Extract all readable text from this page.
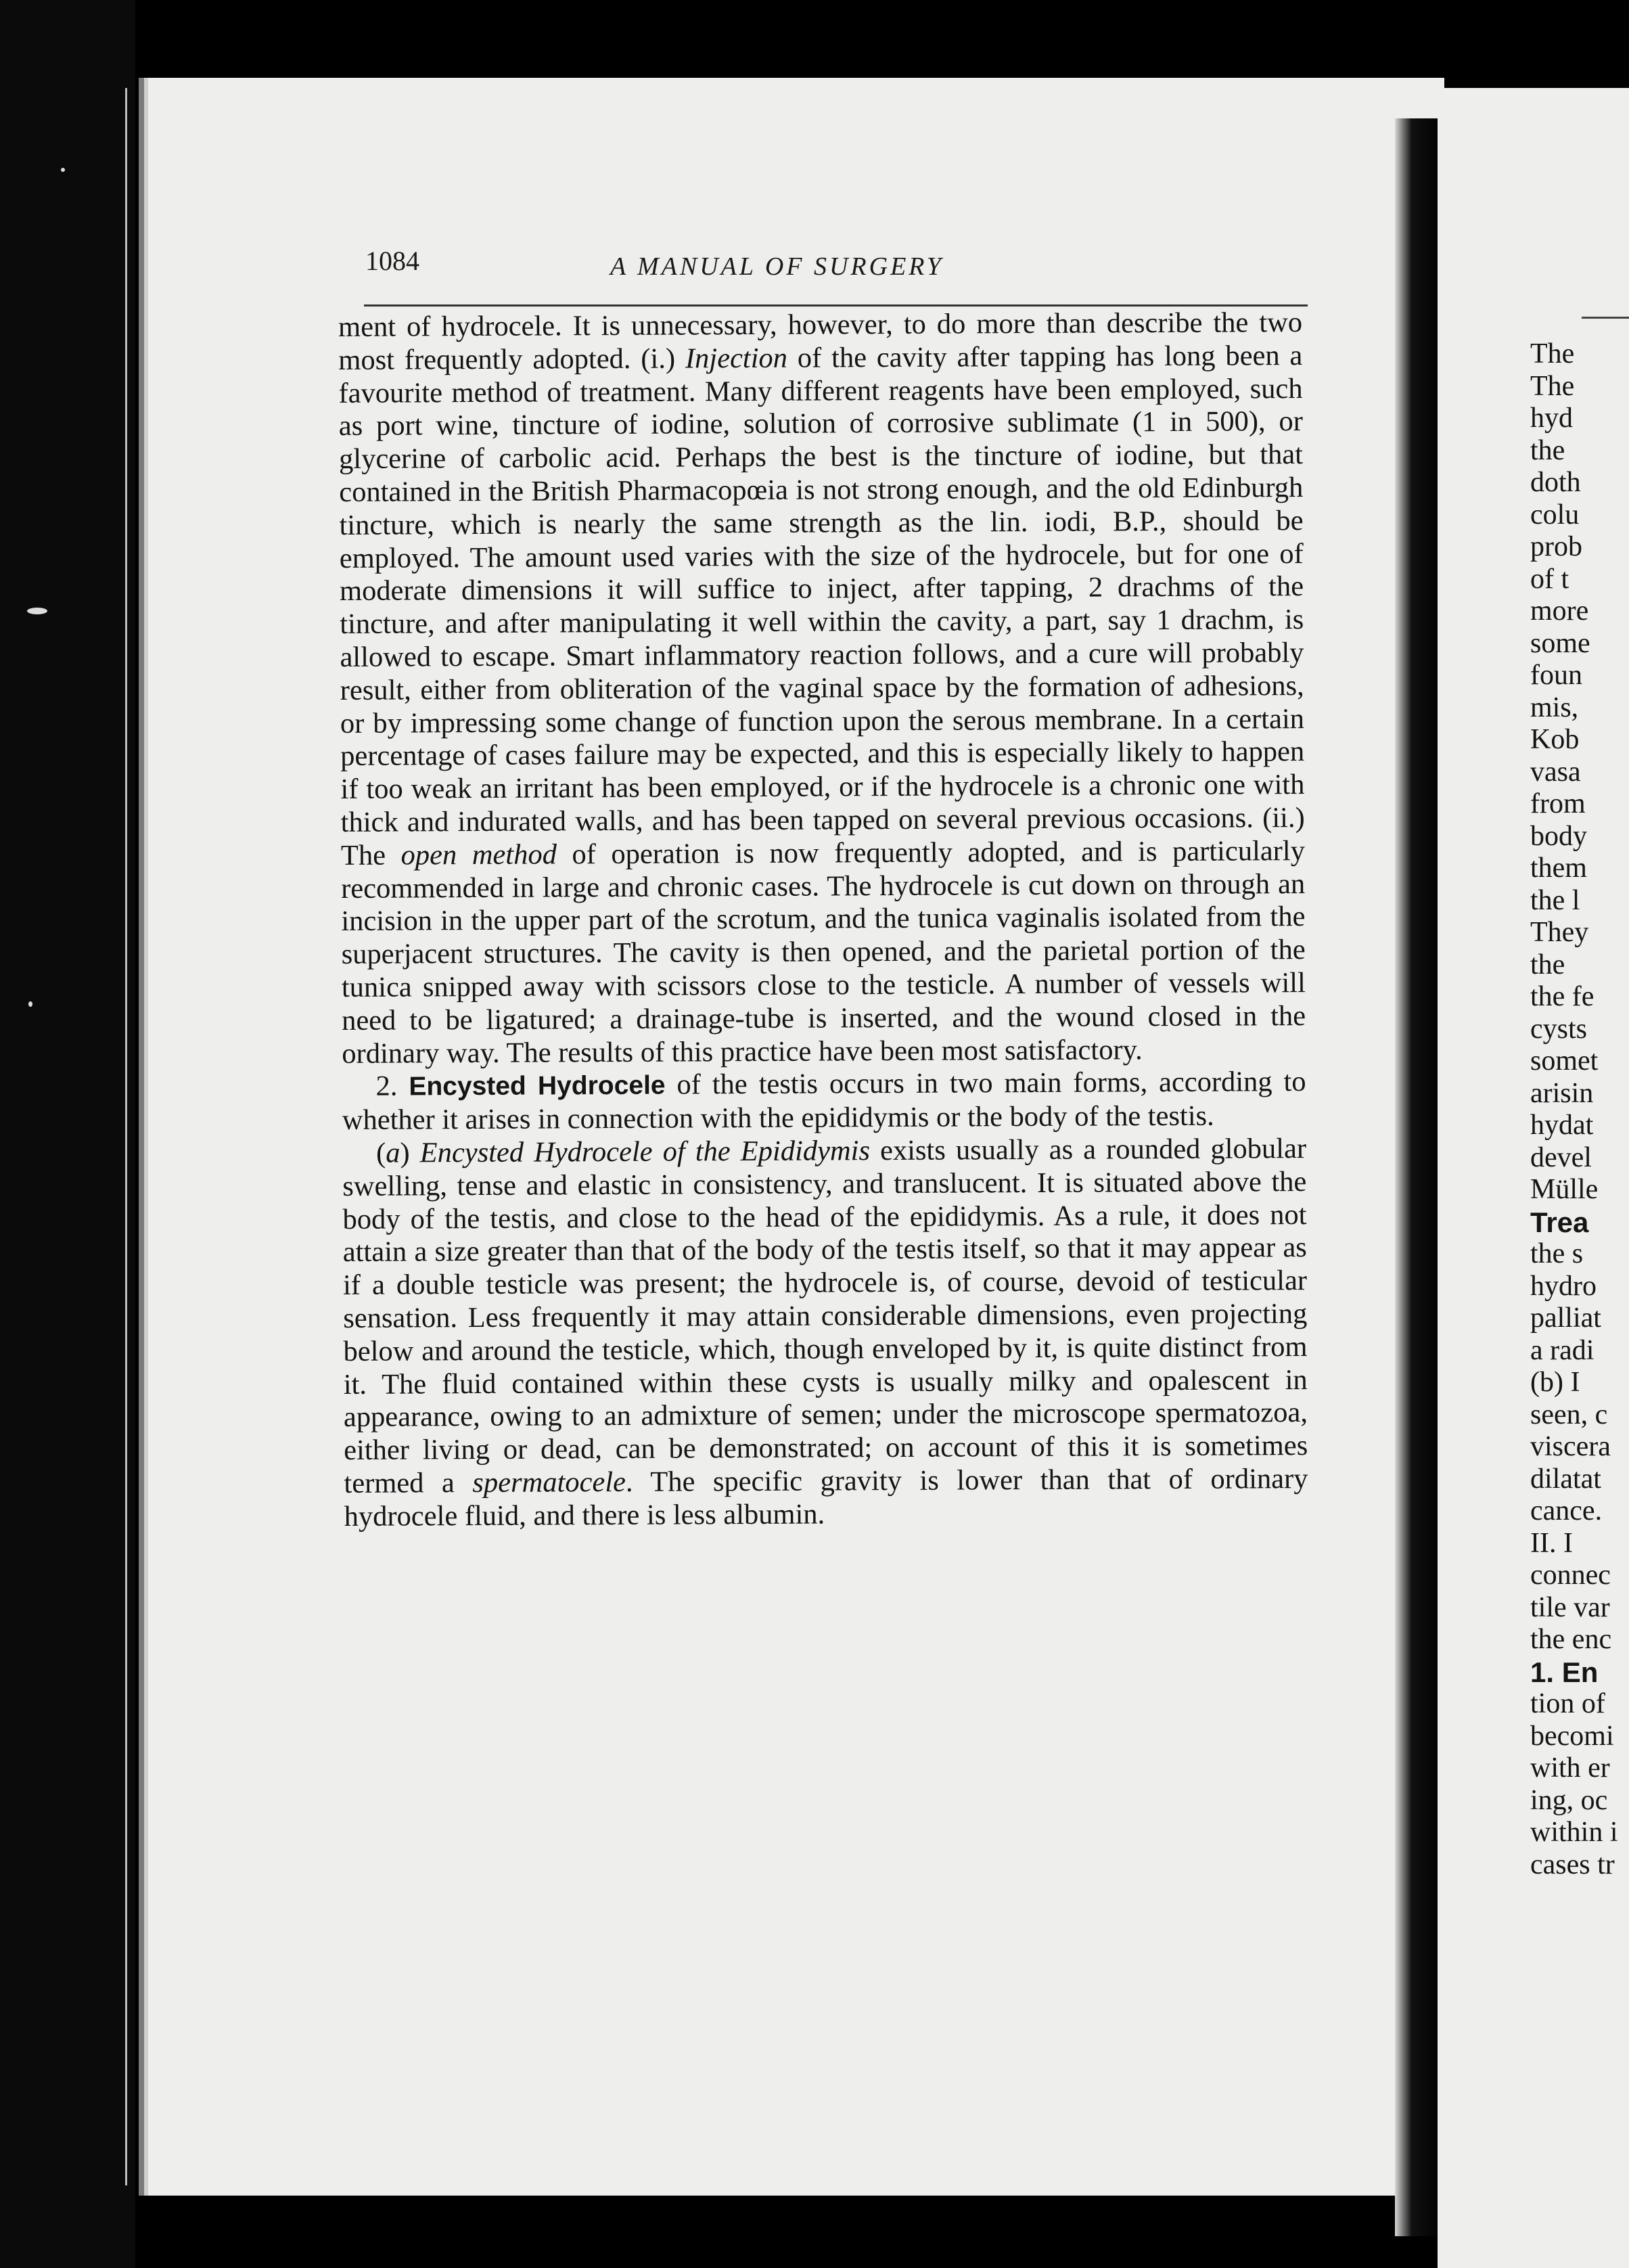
1084	A MANUAL OF SURGERY

ment of hydrocele. It is unnecessary, however, to do more than describe the two most frequently adopted. (i.) Injection of the cavity after tapping has long been a favourite method of treatment. Many different reagents have been employed, such as port wine, tincture of iodine, solution of corrosive sublimate (1 in 500), or glycerine of carbolic acid. Perhaps the best is the tincture of iodine, but that contained in the British Pharmacopœia is not strong enough, and the old Edinburgh tincture, which is nearly the same strength as the lin. iodi, B.P., should be employed. The amount used varies with the size of the hydrocele, but for one of moderate dimensions it will suffice to inject, after tapping, 2 drachms of the tincture, and after manipulating it well within the cavity, a part, say 1 drachm, is allowed to escape. Smart inflammatory reaction follows, and a cure will probably result, either from obliteration of the vaginal space by the formation of adhesions, or by impressing some change of function upon the serous membrane. In a certain percentage of cases failure may be expected, and this is especially likely to happen if too weak an irritant has been employed, or if the hydrocele is a chronic one with thick and indurated walls, and has been tapped on several previous occasions. (ii.) The open method of operation is now frequently adopted, and is particularly recommended in large and chronic cases. The hydrocele is cut down on through an incision in the upper part of the scrotum, and the tunica vaginalis isolated from the superjacent structures. The cavity is then opened, and the parietal portion of the tunica snipped away with scissors close to the testicle. A number of vessels will need to be ligatured; a drainage-tube is inserted, and the wound closed in the ordinary way. The results of this practice have been most satisfactory.

2. Encysted Hydrocele of the testis occurs in two main forms, according to whether it arises in connection with the epididymis or the body of the testis.

(a) Encysted Hydrocele of the Epididymis exists usually as a rounded globular swelling, tense and elastic in consistency, and translucent. It is situated above the body of the testis, and close to the head of the epididymis. As a rule, it does not attain a size greater than that of the body of the testis itself, so that it may appear as if a double testicle was present; the hydrocele is, of course, devoid of testicular sensation. Less frequently it may attain considerable dimensions, even projecting below and around the testicle, which, though enveloped by it, is quite distinct from it. The fluid contained within these cysts is usually milky and opalescent in appearance, owing to an admixture of semen; under the microscope spermatozoa, either living or dead, can be demonstrated; on account of this it is sometimes termed a spermatocele. The specific gravity is lower than that of ordinary hydrocele fluid, and there is less albumin.

The
The
hyd
the
doth
colu
prob
of t
more
some
foun
mis,
Kob
vasa
from
body
them
the l
They
the
the fe
cysts
somet
arisin
hydat
devel
Mülle
Trea
the s
hydro
palliat
a radi
(b) I
seen, c
viscera
dilatat
cance.
II. I
connec
tile var
the enc
1. En
tion of
becomi
with er
ing, oc
within i
cases tr
